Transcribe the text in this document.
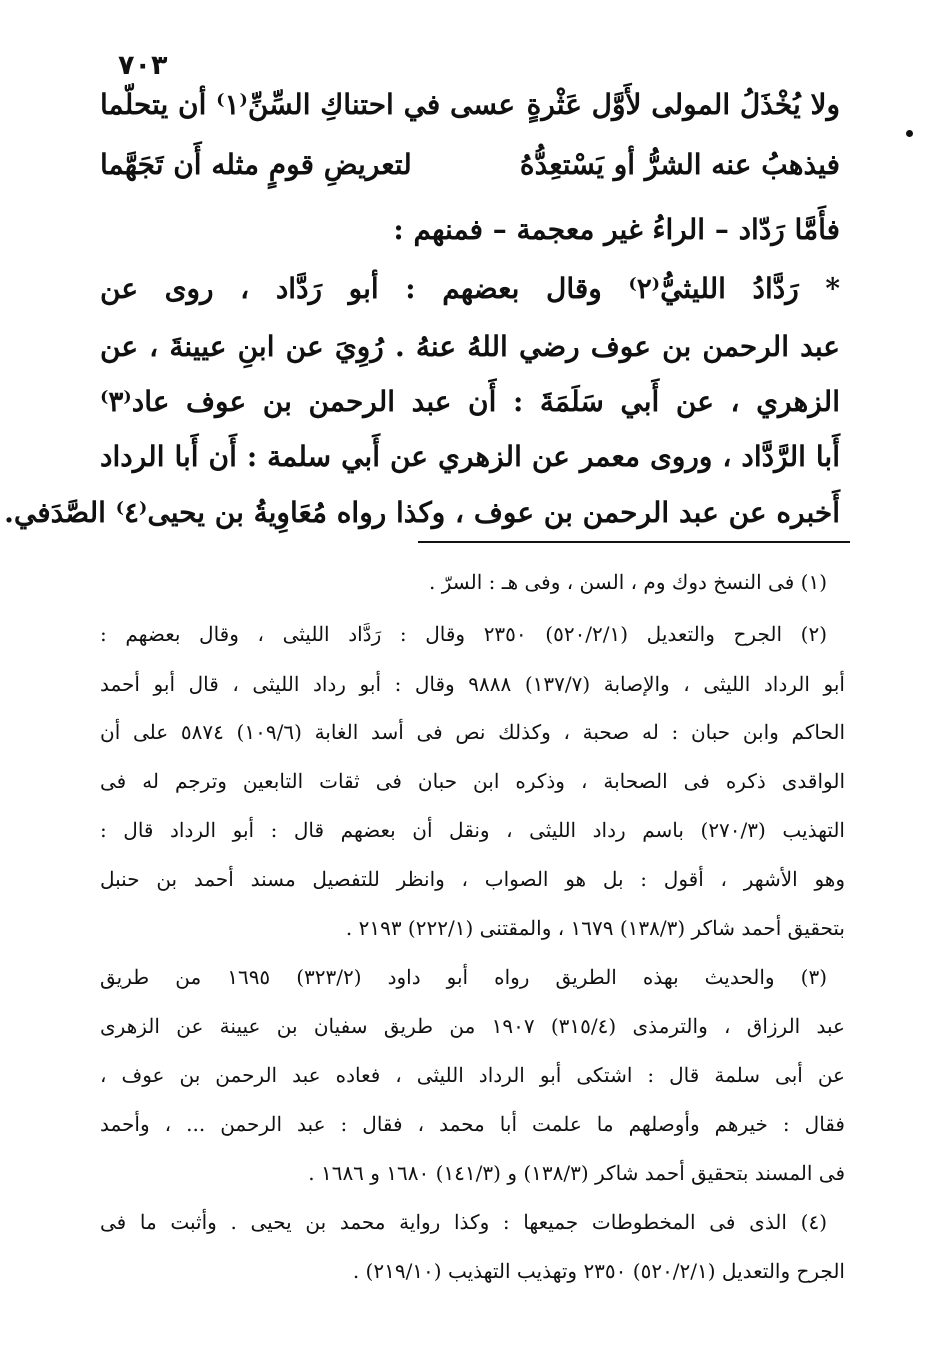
٧٠٣
ولا يُخْذَلُ المولى لأَوَّل عَثْرةٍ
عسى في احتناكِ السِّنِّ⁽١⁾ أن يتحلّما
فيذهبُ عنه الشرُّ أو يَسْتعِدُّهُ
لتعريضِ قومٍ مثله أَن تَجَهَّما
فأَمَّا رَدّاد – الراءُ غير معجمة – فمنهم :
* رَدَّادُ الليثيُّ⁽٢⁾ وقال بعضهم : أبو رَدَّاد ، روى عن
عبد الرحمن بن عوف رضي اللهُ عنهُ . رُوِيَ عن ابنِ عيينةَ ، عن
الزهري ، عن أَبي سَلَمَةَ : أَن عبد الرحمن بن عوف عاد⁽٣⁾
أَبا الرَّدَّاد ، وروى معمر عن الزهري عن أَبي سلمة : أَن أَبا الرداد
أَخبره عن عبد الرحمن بن عوف ، وكذا رواه مُعَاوِيةُ بن يحيى⁽٤⁾ الصَّدَفي.
(١) فى النسخ دوك وم ، السن ، وفى هـ : السرّ .
(٢) الجرح والتعديل (٥٢٠/٢/١) ٢٣٥٠ وقال : رَدَّاد الليثى ، وقال بعضهم :
أبو الرداد الليثى ، والإصابة (١٣٧/٧) ٩٨٨٨ وقال : أبو رداد الليثى ، قال أبو أحمد
الحاكم وابن حبان : له صحبة ، وكذلك نص فى أسد الغابة (١٠٩/٦) ٥٨٧٤ على أن
الواقدى ذكره فى الصحابة ، وذكره ابن حبان فى ثقات التابعين وترجم له فى
التهذيب (٢٧٠/٣) باسم رداد الليثى ، ونقل أن بعضهم قال : أبو الرداد قال :
وهو الأشهر ، أقول : بل هو الصواب ، وانظر للتفصيل مسند أحمد بن حنبل
بتحقيق أحمد شاكر (١٣٨/٣) ١٦٧٩ ، والمقتنى (٢٢٢/١) ٢١٩٣ .
(٣) والحديث بهذه الطريق رواه أبو داود (٣٢٣/٢) ١٦٩٥ من طريق
عبد الرزاق ، والترمذى (٣١٥/٤) ١٩٠٧ من طريق سفيان بن عيينة عن الزهرى
عن أبى سلمة قال : اشتكى أبو الرداد الليثى ، فعاده عبد الرحمن بن عوف ،
فقال : خيرهم وأوصلهم ما علمت أبا محمد ، فقال : عبد الرحمن ... ، وأحمد
فى المسند بتحقيق أحمد شاكر (١٣٨/٣) و (١٤١/٣) ١٦٨٠ و ١٦٨٦ .
(٤) الذى فى المخطوطات جميعها : وكذا رواية محمد بن يحيى . وأثبت ما فى
الجرح والتعديل (٥٢٠/٢/١) ٢٣٥٠ وتهذيب التهذيب (٢١٩/١٠) .
